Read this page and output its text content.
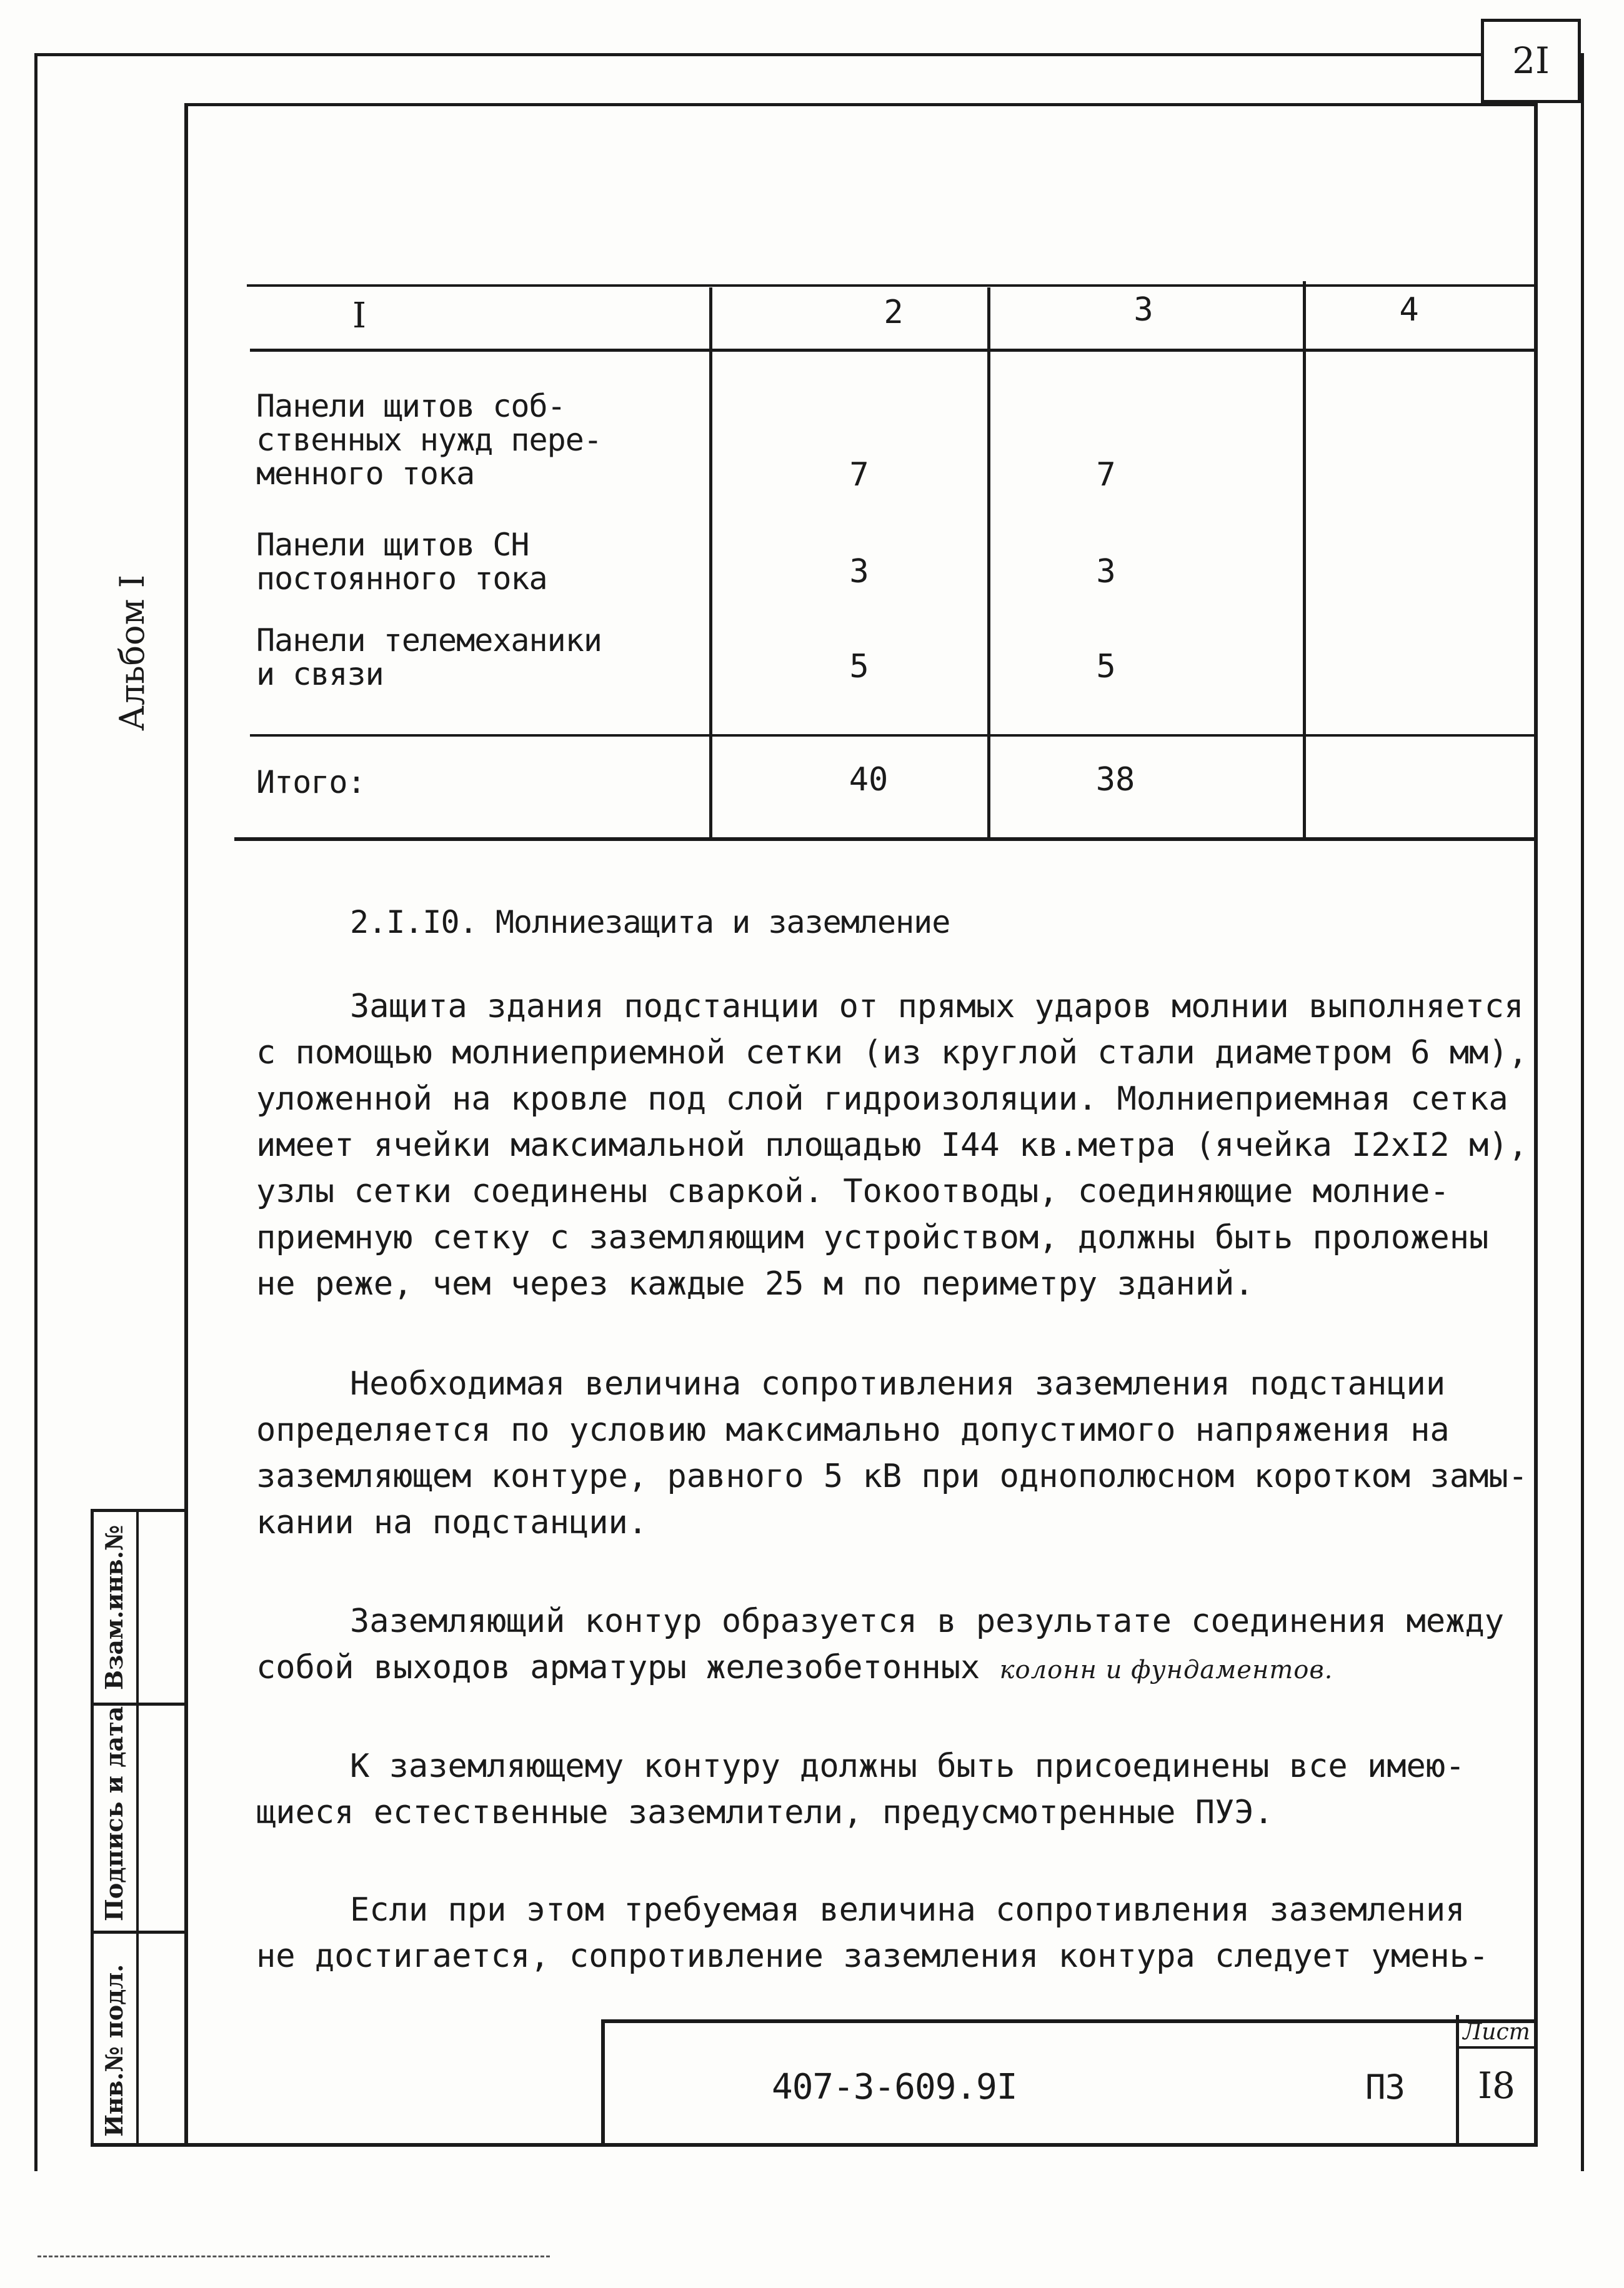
2I
Альбом I
I	2	3	4
Панели щитов соб-
ственных нужд пере-
менного тока	7	7
Панели щитов СН
постоянного тока	3	3
Панели телемеханики
и связи	5	5
Итого:	40	38
2.I.I0. Молниезащита и заземление
Защита здания подстанции от прямых ударов молнии выполняется
с помощью молниеприемной сетки (из круглой стали диаметром 6 мм),
уложенной на кровле под слой гидроизоляции. Молниеприемная сетка
имеет ячейки максимальной площадью I44 кв.метра (ячейка I2xI2 м),
узлы сетки соединены сваркой. Токоотводы, соединяющие молние-
приемную сетку с заземляющим устройством, должны быть проложены
не реже, чем через каждые 25 м по периметру зданий.
Необходимая величина сопротивления заземления подстанции
определяется по условию максимально допустимого напряжения на
заземляющем контуре, равного 5 кВ при однополюсном коротком замы-
кании на подстанции.
Заземляющий контур образуется в результате соединения между
собой выходов арматуры железобетонных колонн и фундаментов.
К заземляющему контуру должны быть присоединены все имею-
щиеся естественные заземлители, предусмотренные ПУЭ.
Если при этом требуемая величина сопротивления заземления
не достигается, сопротивление заземления контура следует умень-
Взам.инв.№
Подпись и дата
Инв.№ подл.	407-3-609.9I	ПЗ
Лист
I8
